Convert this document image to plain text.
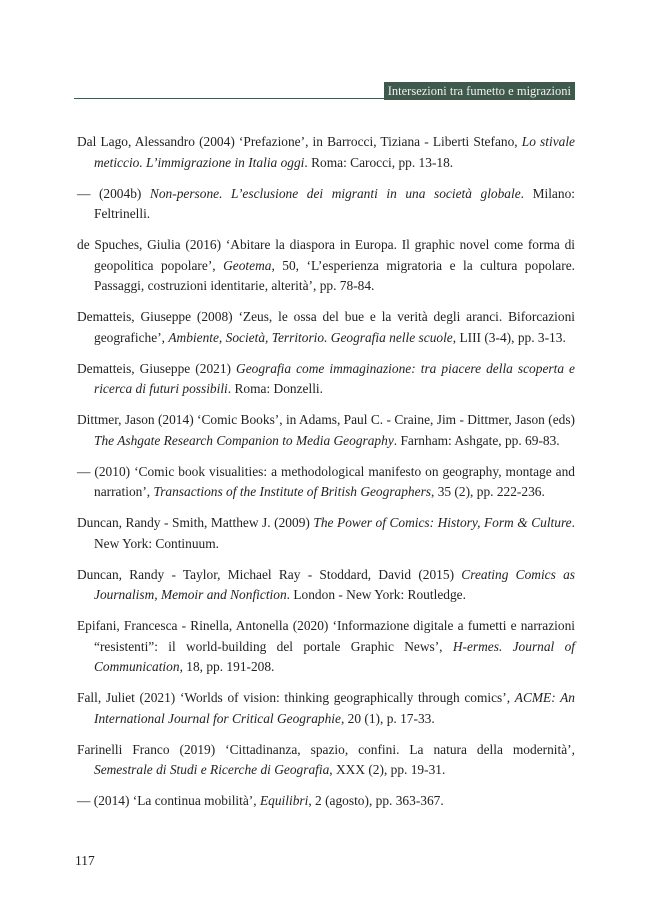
Intersezioni tra fumetto e migrazioni
Dal Lago, Alessandro (2004) ‘Prefazione’, in Barrocci, Tiziana - Liberti Stefano, Lo stivale meticcio. L’immigrazione in Italia oggi. Roma: Carocci, pp. 13-18.
— (2004b) Non-persone. L’esclusione dei migranti in una società globale. Milano: Feltrinelli.
de Spuches, Giulia (2016) ‘Abitare la diaspora in Europa. Il graphic novel come forma di geopolitica popolare’, Geotema, 50, ‘L’esperienza migratoria e la cultura popolare. Passaggi, costruzioni identitarie, alterità’, pp. 78-84.
Dematteis, Giuseppe (2008) ‘Zeus, le ossa del bue e la verità degli aranci. Biforcazioni geografiche’, Ambiente, Società, Territorio. Geografia nelle scuole, LIII (3-4), pp. 3-13.
Dematteis, Giuseppe (2021) Geografia come immaginazione: tra piacere della scoperta e ricerca di futuri possibili. Roma: Donzelli.
Dittmer, Jason (2014) ‘Comic Books’, in Adams, Paul C. - Craine, Jim - Dittmer, Jason (eds) The Ashgate Research Companion to Media Geography. Farnham: Ashgate, pp. 69-83.
— (2010) ‘Comic book visualities: a methodological manifesto on geography, montage and narration’, Transactions of the Institute of British Geographers, 35 (2), pp. 222-236.
Duncan, Randy - Smith, Matthew J. (2009) The Power of Comics: History, Form & Culture. New York: Continuum.
Duncan, Randy - Taylor, Michael Ray - Stoddard, David (2015) Creating Comics as Journalism, Memoir and Nonfiction. London - New York: Routledge.
Epifani, Francesca - Rinella, Antonella (2020) ‘Informazione digitale a fumetti e narrazioni “resistenti”: il world-building del portale Graphic News’, H-ermes. Journal of Communication, 18, pp. 191-208.
Fall, Juliet (2021) ‘Worlds of vision: thinking geographically through comics’, ACME: An International Journal for Critical Geographie, 20 (1), p. 17-33.
Farinelli Franco (2019) ‘Cittadinanza, spazio, confini. La natura della modernità’, Semestrale di Studi e Ricerche di Geografia, XXX (2), pp. 19-31.
— (2014) ‘La continua mobilità’, Equilibri, 2 (agosto), pp. 363-367.
117
